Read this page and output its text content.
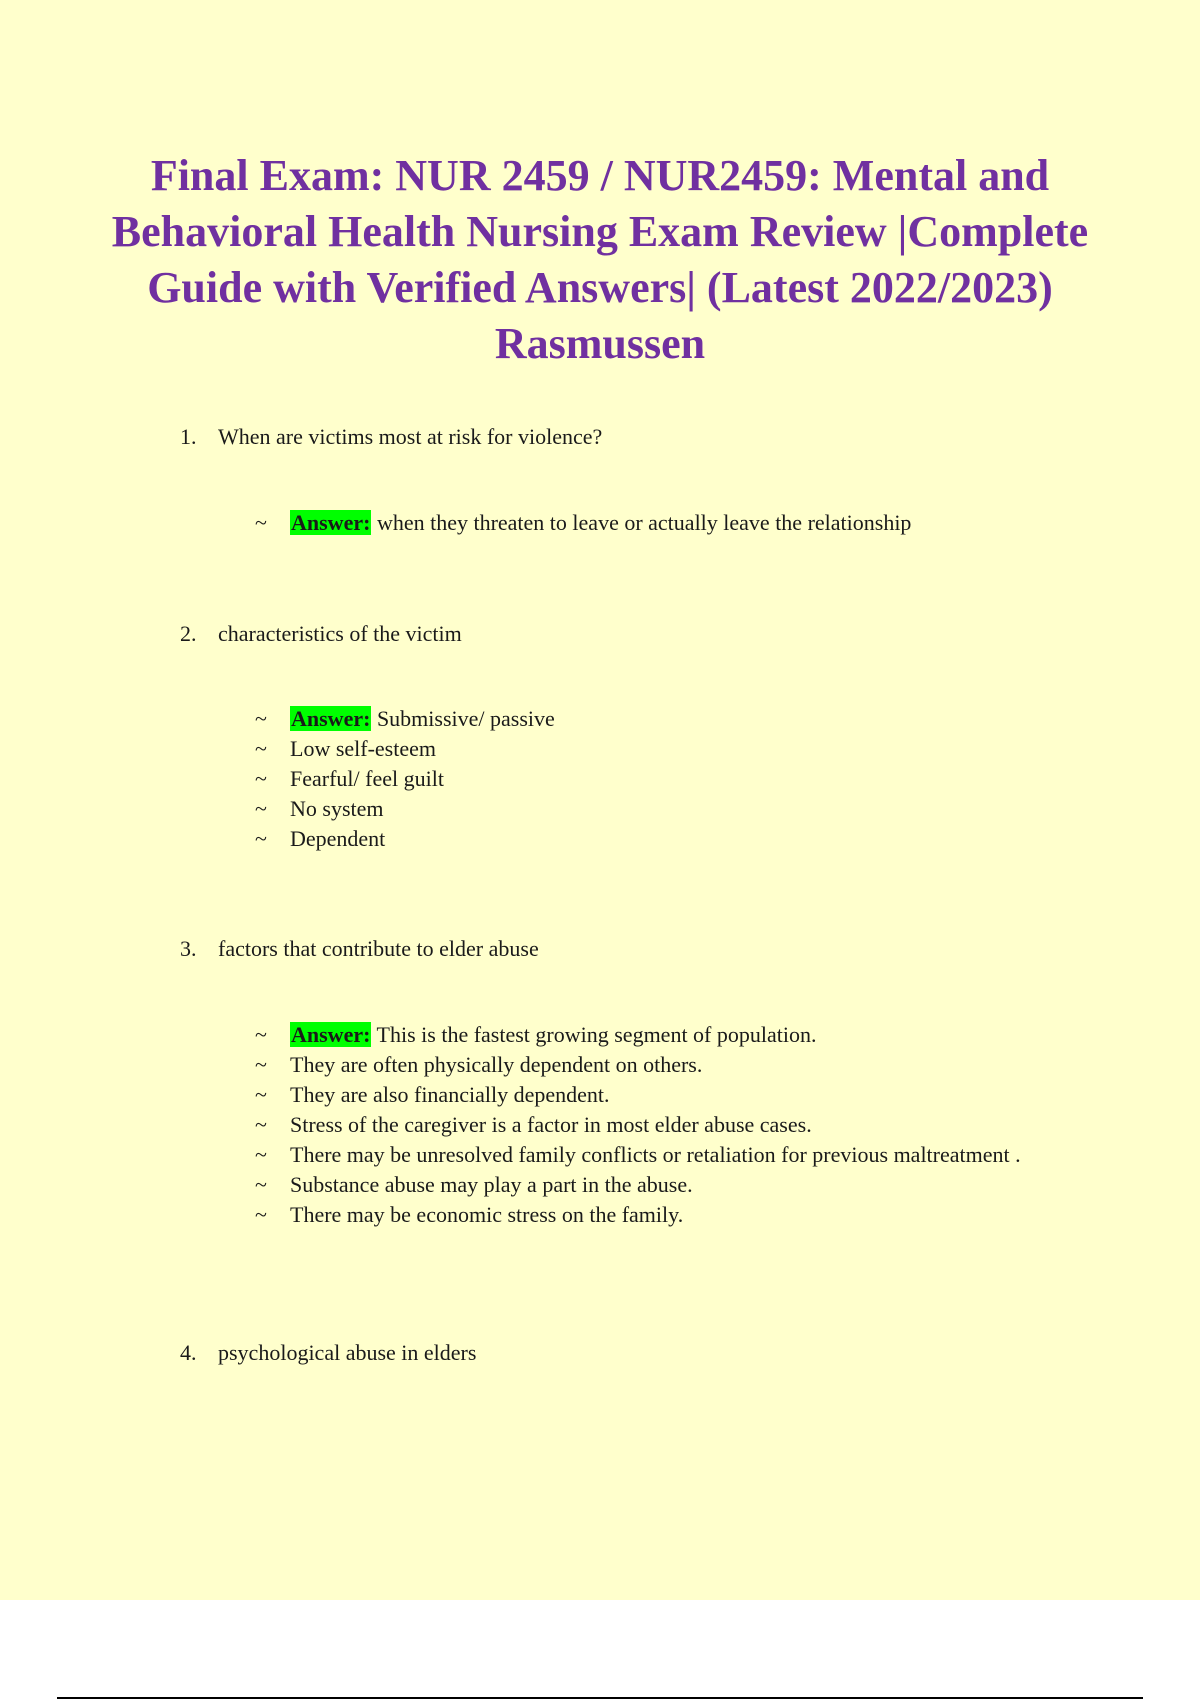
Final Exam: NUR 2459 / NUR2459: Mental and Behavioral Health Nursing Exam Review |Complete Guide with Verified Answers| (Latest 2022/2023) Rasmussen

1. When are victims most at risk for violence?

~	Answer: when they threaten to leave or actually leave the relationship

2. characteristics of the victim

~	Answer: Submissive/ passive
~	Low self-esteem
~	Fearful/ feel guilt
~	No system
~	Dependent

3. factors that contribute to elder abuse

~	Answer: This is the fastest growing segment of population.
~	They are often physically dependent on others.
~	They are also financially dependent.
~	Stress of the caregiver is a factor in most elder abuse cases.
~	There may be unresolved family conflicts or retaliation for previous maltreatment .
~	Substance abuse may play a part in the abuse.
~	There may be economic stress on the family.

4. psychological abuse in elders
